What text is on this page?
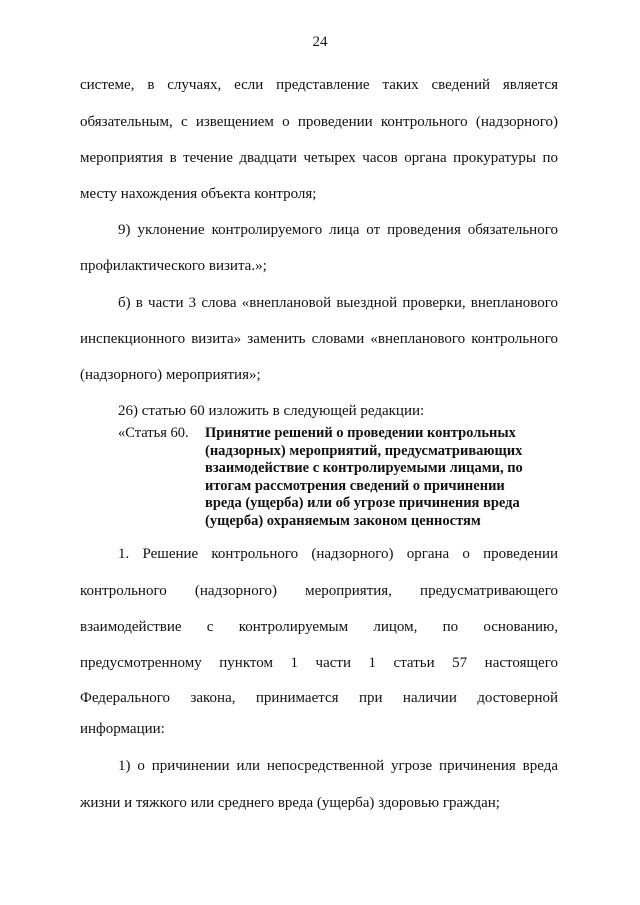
24
системе, в случаях, если представление таких сведений является
обязательным, с извещением о проведении контрольного (надзорного)
мероприятия в течение двадцати четырех часов органа прокуратуры по
месту нахождения объекта контроля;
9) уклонение контролируемого лица от проведения обязательного
профилактического визита.»;
б) в части 3 слова «внеплановой выездной проверки, внепланового
инспекционного визита» заменить словами «внепланового контрольного
(надзорного) мероприятия»;
26) статью 60 изложить в следующей редакции:
«Статья 60. Принятие решений о проведении контрольных
(надзорных) мероприятий, предусматривающих
взаимодействие с контролируемыми лицами, по
итогам рассмотрения сведений о причинении
вреда (ущерба) или об угрозе причинения вреда
(ущерба) охраняемым законом ценностям
1. Решение контрольного (надзорного) органа о проведении
контрольного (надзорного) мероприятия, предусматривающего
взаимодействие с контролируемым лицом, по основанию,
предусмотренному пунктом 1 части 1 статьи 57 настоящего
Федерального закона, принимается при наличии достоверной
информации:
1) о причинении или непосредственной угрозе причинения вреда
жизни и тяжкого или среднего вреда (ущерба) здоровью граждан;
